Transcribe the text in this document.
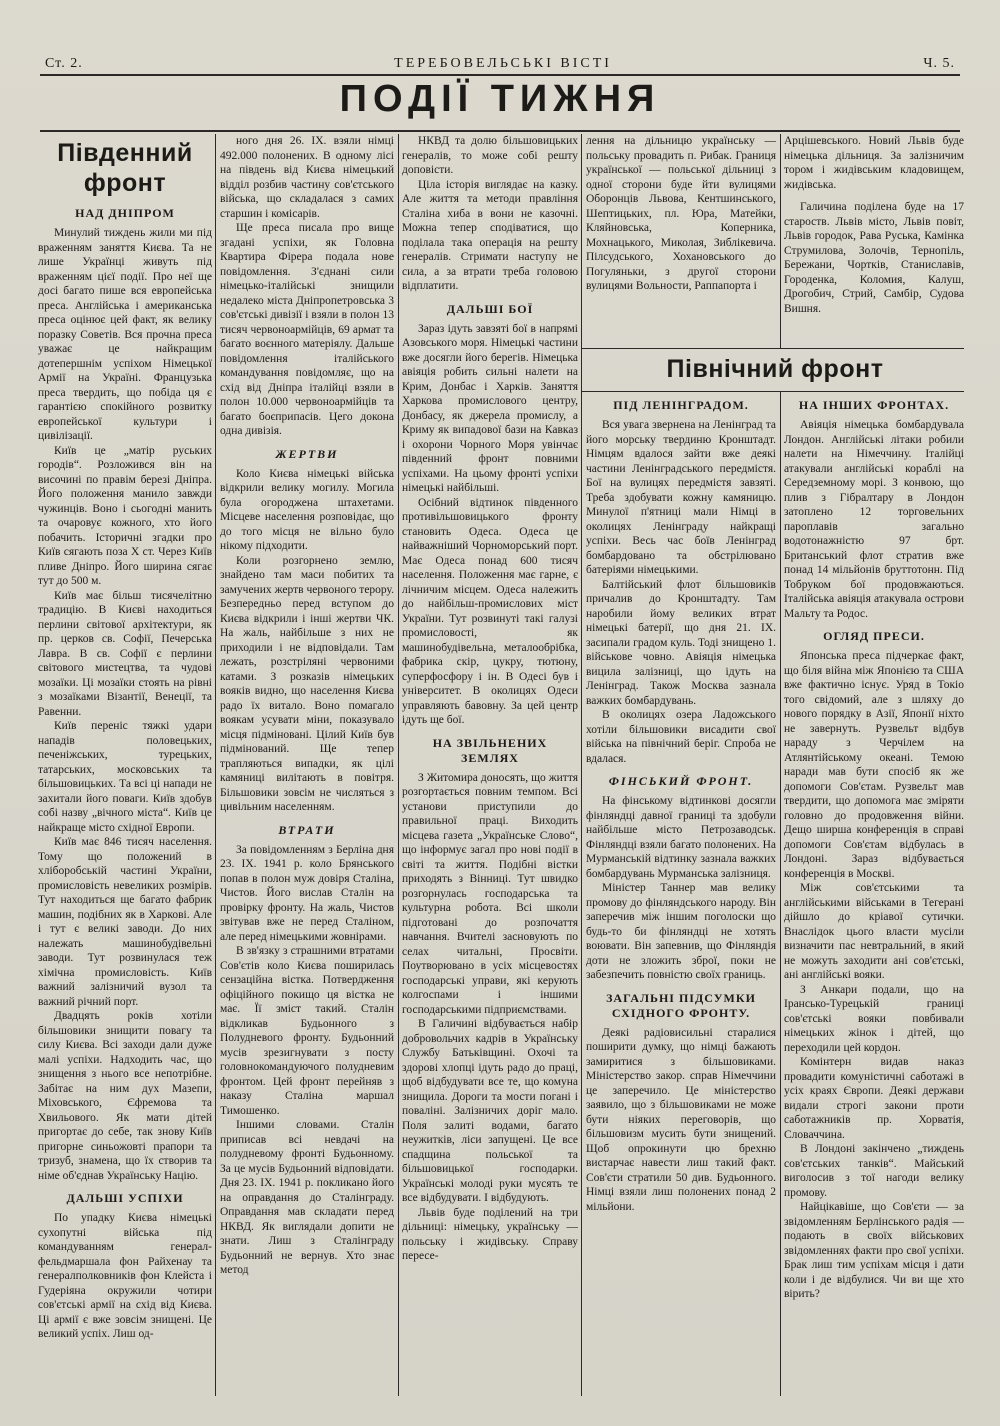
Ст. 2.	ТЕРЕБОВЕЛЬСЬКІ ВІСТІ	Ч. 5.
ПОДІЇ ТИЖНЯ
Південний фронт
НАД ДНІПРОМ

Минулий тиждень жили ми під враженням заняття Києва. Та не лише Українці живуть під враженням цієї події. Про неї ще досі багато пише вся европейська преса. Англійська і американська преса оцінює цей факт, як велику поразку Советів. Вся прочна преса уважає це найкращим дотепершнім успіхом Німецької Армії на Україні. Французька преса твердить, що побіда ця є гарантією спокійного розвитку европейської культури і цивілізації.

Київ це „матір руських городів“. Розложився він на височині по правім березі Дніпра. Його положення манило завжди чужинців. Воно і сьогодні манить та очаровує кожного, хто його побачить. Історичні згадки про Київ сягають поза Х ст. Через Київ пливе Дніпро. Його ширина сягає тут до 500 м.

Київ має більш тисячелітню традицію. В Києві находиться перлини світової архітектури, як пр. церков св. Софії, Печерська Лавра. В св. Софії є перлини світового мистецтва, та чудові мозаїки. Ці мозаїки стоять на рівні з мозаїками Візантії, Венеції, та Равенни.

Київ переніс тяжкі удари нападів половецьких, печеніжських, турецьких, татарських, московських та більшовицьких. Та всі ці напади не захитали його поваги. Київ здобув собі назву „вічного міста“. Київ це найкраще місто східної Европи.

Київ має 846 тисяч населення. Тому що положений в хліборобській частині України, промисловість невеликих розмірів. Тут находиться ще багато фабрик машин, подібних як в Харкові. Але і тут є великі заводи. До них належать машинобудівельні заводи. Тут розвинулася теж хімічна промисловість. Київ важний залізничий вузол та важний річний порт.

Двадцять років хотіли більшовики знищити повагу та силу Києва. Всі заходи дали дуже малі успіхи. Надходить час, що знищення з нього все непотрібне. Забітає на ним дух Мазепи, Міховського, Єфремова та Хвильового. Як мати дітей пригортає до себе, так знову Київ пригорне синьожовті прапори та тризуб, знамена, що їх створив та німе об'єднав Українську Націю.

ДАЛЬШІ УСПІХИ

По упадку Києва німецькі сухопутні війська під командуванням генерал-фельдмаршала фон Райхенау та генералполковників фон Клейста і Гудеріяна окружили чотири сов'єтські армії на схід від Києва. Ці армії є вже зовсім знищені. Це великий успіх. Лиш од-

ного дня 26. IX. взяли німці 492.000 полонених. В одному лісі на південь від Києва німецький відділ розбив частину сов'єтського війська, що складалася з самих старшин і комісарів.

Ще преса писала про вище згадані успіхи, як Головна Квартира Фірера подала нове повідомлення. З'єднані сили німецько-італійські знищили недалеко міста Дніпропетровська 3 сов'єтські дивізії і взяли в полон 13 тисяч червоноармійців, 69 армат та багато воєнного матеріялу. Дальше повідомлення італійського командування повідомляє, що на схід від Дніпра італійці взяли в полон 10.000 червоноармійців та багато боєприпасів. Цего докона одна дивізія.

ЖЕРТВИ

Коло Києва німецькі війська відкрили велику могилу. Могила була огороджена штахетами. Місцеве населення розповідає, що до того місця не вільно було нікому підходити.

Коли розгорнено землю, знайдено там маси побитих та замучених жертв червоного терору. Безпередньо перед вступом до Києва відкрили і інші жертви ЧК. На жаль, найбільше з них не приходили і не відповідали. Там лежать, розстріляні червоними катами. З розказів німецьких вояків видно, що населення Києва радо їх витало. Воно помагало воякам усувати міни, показувало місця підміновані. Цілий Київ був підмінований. Ще тепер трапляються випадки, як цілі камяниці вилітають в повітря. Більшовики зовсім не числяться з цивільним населенням.

ВТРАТИ

За повідомленням з Берліна дня 23. IX. 1941 р. коло Брянського попав в полон муж довіря Сталіна, Чистов. Його вислав Сталін на провірку фронту. На жаль, Чистов звітував вже не перед Сталіном, але перед німецькими жовнірами.

В зв'язку з страшними втратами Сов'єтів коло Києва поширилась сензаційна вістка. Потвердження офіційного покищо ця вістка не має. Її зміст такий. Сталін відкликав Будьонного з Полудневого фронту. Будьонний мусів зрезигнувати з посту головнокомандуючого полудневим фронтом. Цей фронт перейняв з наказу Сталіна маршал Тимошенко.

Іншими словами. Сталін приписав всі невдачі на полудневому фронті Будьонному. За це мусів Будьонний відповідати. Дня 23. IX. 1941 р. покликано його на оправдання до Сталінграду. Оправдання мав складати перед НКВД. Як виглядали допити не знати. Лиш з Сталінграду Будьонний не вернув. Хто знає метод

НКВД та долю більшовицьких генералів, то може собі решту доповісти.

Ціла історія виглядає на казку. Але життя та методи правління Сталіна хиба в вони не казочні. Можна тепер сподіватися, що поділала така операція на решту генералів. Стримати наступу не сила, а за втрати треба головою відплатити.

ДАЛЬШІ БОЇ

Зараз ідуть завзяті бої в напрямі Азовського моря. Німецькі частини вже досягли його берегів. Німецька авіяція робить сильні налети на Крим, Донбас і Харків. Заняття Харкова промислового центру, Донбасу, як джерела промислу, а Криму як випадової бази на Кавказ і охорони Чорного Моря увінчає південний фронт повними успіхами. На цьому фронті успіхи німецькі найбільші.

Осібний відтинок південного противільшовицького фронту становить Одеса. Одеса це найважніший Чорноморський порт. Має Одеса понад 600 тисяч населення. Положення має гарне, є лічничим місцем. Одеса належить до найбільш-промислових міст України. Тут розвинуті такі галузі промисловості, як машинобудівельна, металообрібка, фабрика скір, цукру, тютюну, суперфосфору і ін. В Одесі був і університет. В околицях Одеси управляють бавовну. За цей центр ідуть ще бої.

НА ЗВІЛЬНЕНИХ ЗЕМЛЯХ

З Житомира доносять, що життя розгортається повним темпом. Всі установи приступили до правильної праці. Виходить місцева газета „Українське Слово“, що інформує загал про нові події в світі та життя. Подібні вістки приходять з Вінниці. Тут швидко розгорнулась господарська та культурна робота. Всі школи підготовані до розпочаття навчання. Вчителі засновують по селах читальні, Просвіти. Поутворювано в усіх місцевостях господарські управи, які керують колгоспами і іншими господарськими підприємствами.

В Галичині відбувається набір добровольчих кадрів в Українську Службу Батьківщині. Охочі та здорові хлопці ідуть радо до праці, щоб відбудувати все те, що комуна знищила. Дороги та мости погані і поваліні. Залізничих доріг мало. Поля залиті водами, багато неужитків, ліси запущені. Це все спадщина польської та більшовицької господарки. Українські молоді руки мусять те все відбудувати. І відбудують.

Львів буде поділений на три дільниці: німецьку, українську — польську і жидівську. Справу пересе-

лення на дільницю українську — польську провадить п. Рибак. Границя української — польської дільниці з одної сторони буде йти вулицями Оборонців Львова, Кентшинського, Шептицьких, пл. Юра, Матейки, Кляйновська, Коперника, Мохнацького, Миколая, Зиблікевича. Пілсудського, Хохановського до Погуляньки, з другої сторони вулицями Вольности, Раппапорта і

Арцішевського. Новий Львів буде німецька дільниця. За залізничим тором і жидівським кладовищем, жидівська.

Галичина поділена буде на 17 староств. Львів місто, Львів повіт, Львів городок, Рава Руська, Камінка Струмилова, Золочів, Тернопіль, Бережани, Чортків, Станиславів, Городенка, Коломия, Калуш, Дрогобич, Стрий, Самбір, Судова Вишня.

Північний фронт
ПІД ЛЕНІНГРАДОМ.

Вся увага звернена на Ленінград та його морську твердиню Кронштадт. Німцям вдалося зайти вже деякі частини Ленінградського передмістя. Бої на вулицях передмістя завзяті. Треба здобувати кожну камяницю. Минулої п'ятниці мали Німці в околицях Ленінграду найкращі успіхи. Весь час боїв Ленінград бомбардовано та обстрілювано батеріями німецькими.

Балтійський флот більшовиків причалив до Кронштадту. Там наробили йому великих втрат німецькі батерії, що дня 21. IX. засипали градом куль. Тоді знищено 1. військове човно. Авіяція німецька вицила залізниці, що ідуть на Ленінград. Також Москва зазнала важких бомбардувань.

В околицях озера Ладожського хотіли більшовики висадити свої війська на північний беріг. Спроба не вдалася.

ФІНСЬКИЙ ФРОНТ.

На фінському відтинкові досягли фінляндці давної границі та здобули найбільше місто Петрозаводськ. Фінляндці взяли багато полонених. На Мурманській відтинку зазнала важких бомбардувань Мурманська залізниця.

Міністер Таннер мав велику промову до фінляндського народу. Він заперечив між іншим поголоски що будь-то би фінляндці не хотять воювати. Він запевнив, що Фінляндія доти не зложить зброї, поки не забезпечить повністю своїх границь.

ЗАГАЛЬНІ ПІДСУМКИ СХІДНОГО ФРОНТУ.

Деякі радіовисильні старалися поширити думку, що німці бажають замиритися з більшовиками. Міністерство закор. справ Німеччини це заперечило. Це міністерство заявило, що з більшовиками не може бути ніяких переговорів, що більшовизм мусить бути знищений. Щоб опрокинути цю брехню вистарчає навести лиш такий факт. Сов'єти стратили 50 див. Будьонного. Німці взяли лиш полонених понад 2 мільйони.

НА ІНШИХ ФРОНТАХ.

Авіяція німецька бомбардувала Лондон. Англійські літаки робили налети на Німеччину. Італійці атакували англійські кораблі на Середземному морі. З конвою, що плив з Гібралтару в Лондон затоплено 12 торговельних пароплавів загально водотонажністю 97 брт. Британський флот стратив вже понад 14 мільйонів бруттотонн. Під Тобруком бої продовжаються. Італійська авіяція атакувала острови Мальту та Родос.

ОГЛЯД ПРЕСИ.

Японська преса підчеркає факт, що біля війна між Японією та США вже фактично існує. Уряд в Токіо того свідомий, але з шляху до нового порядку в Азії, Японії ніхто не завернуть. Рузвельт відбув нараду з Черчілем на Атлянтійському океані. Темою наради мав бути спосіб як же допомоги Сов'єтам. Рузвельт мав твердити, що допомога має зміряти головно до продовження війни. Дещо ширша конференція в справі допомоги Сов'єтам відбулась в Лондоні. Зараз відбувається конференція в Москві.

Між сов'єтськими та англійськими військами в Тегерані дійшло до кріавої сутички. Внаслідок цього власти мусіли визначити пас невтральний, в який не можуть заходити ані сов'єтські, ані англійські вояки.

З Анкари подали, що на Ірансько-Турецькій границі сов'єтські вояки повбивали німецьких жінок і дітей, що переходили цей кордон.

Комінтерн видав наказ провадити комуністичні саботажі в усіх краях Європи. Деякі держави видали строгі закони проти саботажників пр. Хорватія, Словаччина.

В Лондоні закінчено „тиждень сов'єтських танків“. Майський виголосив з тої нагоди велику промову.

Найцікавіше, що Сов'єти — за звідомленням Берлінського радія — подають в своїх військових звідомленнях факти про свої успіхи. Брак лиш тим успіхам місця і дати коли і де відбулися. Чи ви ще хто вірить?
